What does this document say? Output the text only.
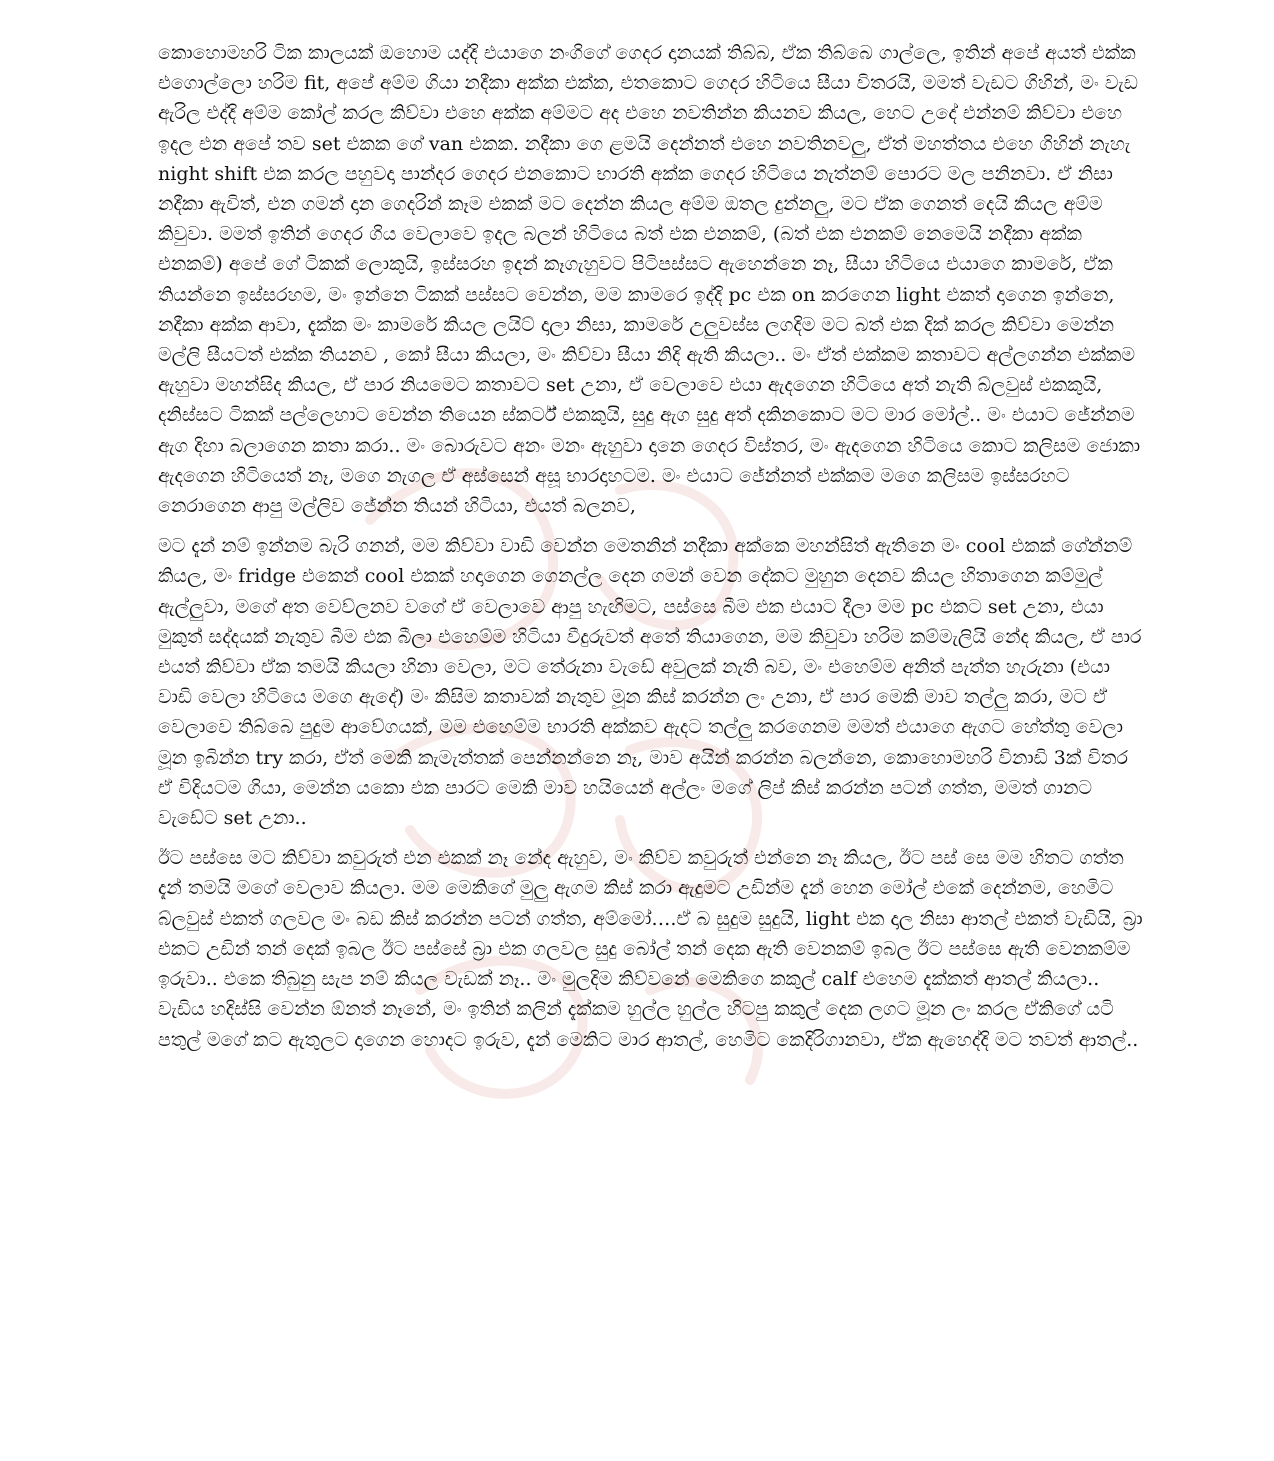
කොහොමහරි ටික කාලයක් ඔහොම යද්දි එයාගෙ නංගිගේ ගෙදර දානයක් තිබ්බ, ඒක තිබ්බෙ ගාල්ලෙ, ඉතින් අපේ අයත් එක්ක එගොල්ලො හරිම fit, අපේ අම්ම ගියා නදීකා අක්ක එක්ක, එතකොට ගෙදර හිටියෙ සීයා විතරයි, මමත් වැඩට ගිහින්, මං වැඩ ඇරිල එද්දි අම්ම කෝල් කරල කිව්වා එහෙ අක්ක අම්මට අද එහෙ නවතින්න කියනව කියල, හෙට උදේ එන්නම් කිව්වා එහෙ ඉදල එන අපේ තව set එකක ගේ van එකක. නදීකා ගෙ ළමයි දෙන්නත් එහෙ නවතිනවලු, ඒත් මහත්තය එහෙ ගිහින් නැහැ night shift එක කරල පහුවදා පාන්දර ගෙදර එනකොට භාරති අක්ක ගෙදර හිටියෙ නැත්නම් පොරට මල පනිනවා. ඒ නිසා නදීකා ඇවිත්, එන ගමන් දාන ගෙදරින් කෑම එකක් මට දෙන්න කියල අම්ම ඔතල දුන්නලු, මට ඒක ගෙනත් දෙයි කියල අම්ම කිවුවා. මමත් ඉතින් ගෙදර ගිය වෙලාවෙ ඉදල බලන් හිටියෙ බත් එක එනකම්, (බත් එක එනකම් නෙමෙයි නදීකා අක්ක එනකම්) අපේ ගේ ටිකක් ලොකුයි, ඉස්සරහ ඉදන් කෑගැහුවට පිටිපස්සට ඇහෙන්නෙ නෑ, සීයා හිටියෙ එයාගෙ කාමරේ, ඒක තියන්නෙ ඉස්සරහම, මං ඉන්නෙ ටිකක් පස්සට වෙන්න, මම කාමරෙ ඉද්දි pc එක on කරගෙන light එකත් දාගෙන ඉන්නෙ, නදීකා අක්ක ආවා, දැක්ක මං කාමරේ කියල ලයිට් දාලා නිසා, කාමරේ උලුවස්ස ලගදිම මට බත් එක දික් කරල කිව්වා මෙන්න මල්ලි සීයටත් එක්ක තියනව , කෝ සීයා කියලා, මං කිව්වා සීයා නිදි ඇති කියලා.. මං ඒත් එක්කම කතාවට අල්ලගන්න එක්කම ඇහුවා මහන්සිද කියල, ඒ පාර නියමෙට කතාවට set උනා, ඒ වෙලාවෙ එයා ඇදගෙන හිටියෙ අත් නැති බ්ලවුස් එකකුයි, දනිස්සට ටිකක් පල්ලෙහාට වෙන්න තියෙන ස්කර්ට් එකකුයි, සුදු ඇග සුදු අත් දකිනකොට මට මාර මෝල්.. මං එයාට ජේන්නම ඇග දිහා බලාගෙන කතා කරා.. මං බොරුවට අනං මනං ඇහුවා දානෙ ගෙදර විස්තර, මං ඇදගෙන හිටියෙ කොට කලිසම ජොකා ඇදගෙන හිටියෙත් නෑ, මගෙ නැගල ඒ අස්සෙන් අසූ භාරදාහටම. මං එයාට ජේන්නත් එක්කම මගෙ කලිසම ඉස්සරහට නෙරාගෙන ආපු මල්ලිව ජේන්න තියන් හිටියා, එයත් බලනව,

මට දැන් නම් ඉන්නම බැරි ගනන්, මම කිව්වා වාඩි වෙන්න මෙතනින් නදීකා අක්කෙ මහන්සිත් ඇතිනෙ මං cool එකක් ගේන්නම් කියල, මං fridge එකෙන් cool එකක් හදාගෙන ගෙනල්ල දෙන ගමන් වෙන දේකට මුහුන දෙනව කියල හිතාගෙන කම්මුල් ඇල්ලුවා, මගේ අත වෙව්ලනව වගේ ඒ වෙලාවෙ ආපු හැඟිමට, පස්සෙ බීම එක එයාට දීලා මම pc එකට set උනා, එයා මුකුත් සද්දයක් නැතුව බීම එක බීලා එහෙම්ම හිටියා වීදුරුවත් අතේ තියාගෙන, මම කිවුවා හරිම කම්මැලියි නේද කියල, ඒ පාර එයත් කිව්වා ඒක තමයි කියලා හිනා වෙලා, මට තේරුනා වැඩේ අවුලක් නැති බව, මං එහෙම්ම අනිත් පැත්ත හැරුනා (එයා වාඩි වෙලා හිටියෙ මගෙ ඇදේ) මං කිසිම කතාවක් නැතුව මූන කිස් කරන්න ලං උනා, ඒ පාර මෙකි මාව තල්ලු කරා, මට ඒ වෙලාවෙ තිබ්බෙ පුදුම ආවේගයක්, මම එහෙම්ම භාරති අක්කව ඇදට තල්ලු කරගෙනම මමත් එයාගෙ ඇගට හේත්තු වෙලා මූන ඉබින්න try කරා, ඒත් මෙකි කැමැත්තක් පෙන්නන්නෙ නෑ, මාව අයින් කරන්න බලන්නෙ, කොහොමහරි විනාඩි 3ක් විතර ඒ විදියටම ගියා, මෙන්න යකො එක පාරට මෙකි මාව හයියෙන් අල්ලං මගේ ලිප් කිස් කරන්න පටන් ගත්ත, මමත් ගානට වැඩේට set උනා..

ඊට පස්සෙ මට කිව්වා කවුරුත් එන එකක් නෑ නේද ඇහුව, මං කිව්ව කවුරුත් එන්නෙ නෑ කියල, ඊට පස් සෙ මම හිතට ගත්ත දැන් තමයි මගේ වෙලාව කියලා. මම මෙකිගේ මුලු ඇගම කිස් කරා ඇදුමට උඩින්ම දැන් හෙන මෝල් එකේ දෙන්නම, හෙමිට බ්ලවුස් එකත් ගලවල මං බඩ කිස් කරන්න පටන් ගත්ත, අම්මෝ….ඒ බ සුදුම සුදුයි, light එක දාල නිසා ආතල් එකත් වැඩියි, බ්‍රා එකට උඩින් තන් දෙක් ඉබල ඊට පස්සේ බ්‍රා එක ගලවල සුදු බෝල් තන් දෙක ඇති වෙනකම් ඉබල ඊට පස්සෙ ඇති වෙනකම්ම ඉරුවා.. එකෙ තිබුනු සැප නම් කියල වැඩක් නෑ.. මං මුලදිම කිව්වනේ මෙකිගෙ කකුල් calf එහෙම දැක්කත් ආතල් කියලා.. වැඩිය හදිස්සි වෙන්න ඕනත් නෑනේ, මං ඉතින් කලින් දැක්කම හුල්ල හුල්ල හිටපු කකුල් දෙක ලගට මූන ලං කරල ඒකිගේ යටි පතුල් මගේ කට ඇතුලට දාගෙන හොදට ඉරුව, දැන් මෙකිට මාර ආතල්, හෙමිට කෙදිරිගානවා, ඒක ඇහෙද්දි මට තවත් ආතල්..
